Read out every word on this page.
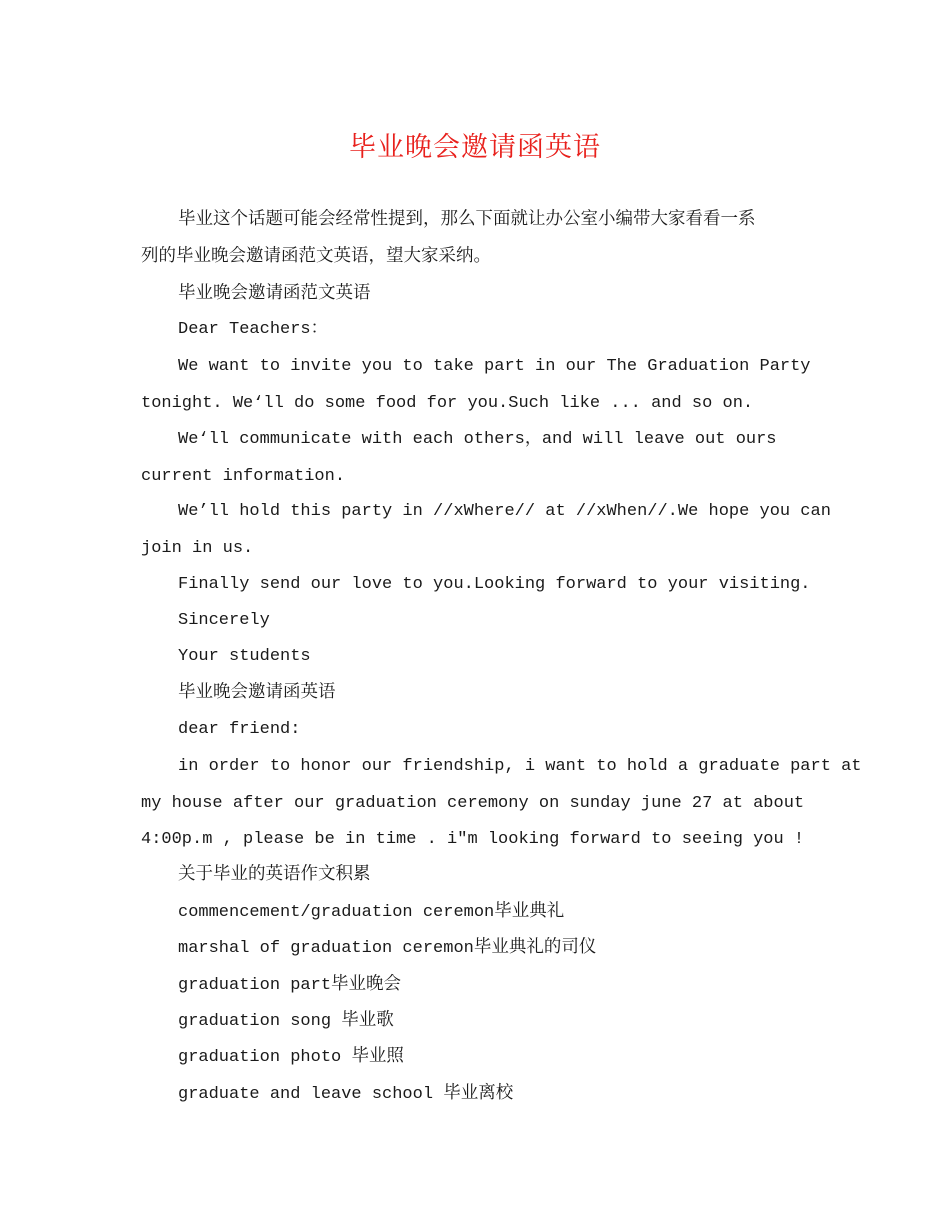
毕业晚会邀请函英语

毕业这个话题可能会经常性提到，那么下面就让办公室小编带大家看看一系

列的毕业晚会邀请函范文英语，望大家采纳。

毕业晚会邀请函范文英语

Dear Teachers：

We want to invite you to take part in our The Graduation Party

tonight. We‘ll do some food for you.Such like ... and so on.

We‘ll communicate with each others，and will leave out ours

current information.

We’ll hold this party in //xWhere// at //xWhen//.We hope you can

join in us.

Finally send our love to you.Looking forward to your visiting.

Sincerely

Your students

毕业晚会邀请函英语

dear friend:

in order to honor our friendship, i want to hold a graduate part at

my house after our graduation ceremony on sunday june 27 at about

4:00p.m , please be in time . i″m looking forward to seeing you !

关于毕业的英语作文积累

commencement/graduation ceremon毕业典礼

marshal of graduation ceremon毕业典礼的司仪

graduation part毕业晚会

graduation song 毕业歌

graduation photo 毕业照

graduate and leave school 毕业离校
